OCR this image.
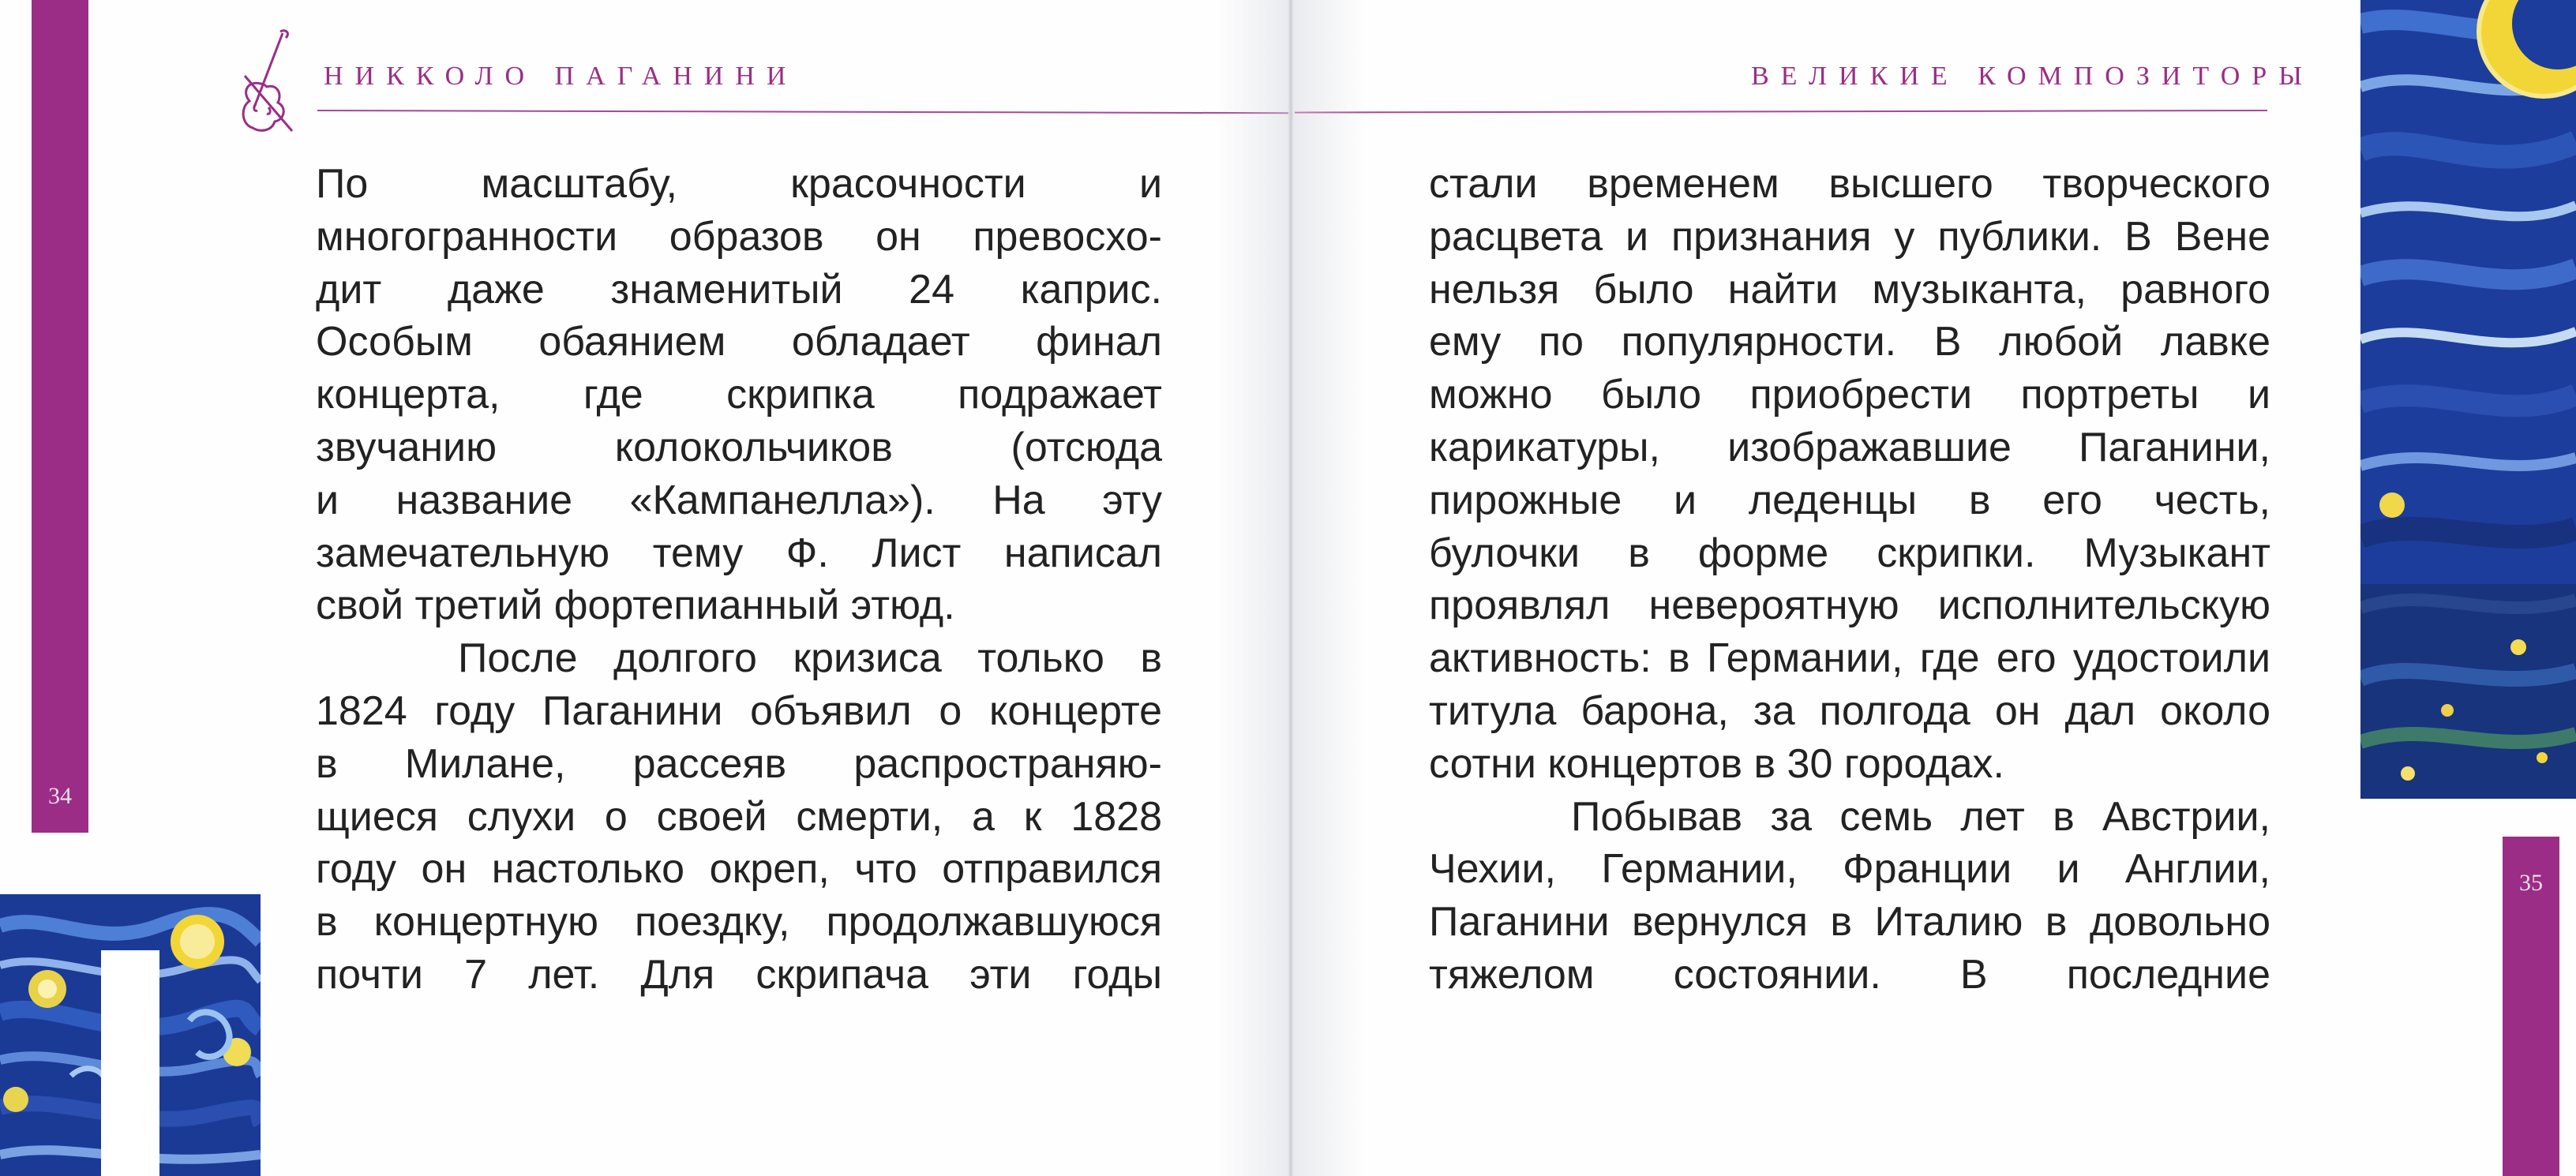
34
НИККОЛО ПАГАНИНИ
По масштабу, красочности и
многогранности образов он превосхо-
дит даже знаменитый 24 каприс.
Особым обаянием обладает финал
концерта, где скрипка подражает
звучанию колокольчиков (отсюда
и название «Кампанелла»). На эту
замечательную тему Ф. Лист написал
свой третий фортепианный этюд.
После долгого кризиса только в
1824 году Паганини объявил о концерте
в Милане, рассеяв распространяю-
щиеся слухи о своей смерти, а к 1828
году он настолько окреп, что отправился
в концертную поездку, продолжавшуюся
почти 7 лет. Для скрипача эти годы
35
ВЕЛИКИЕ КОМПОЗИТОРЫ
стали временем высшего творческого
расцвета и признания у публики. В Вене
нельзя было найти музыканта, равного
ему по популярности. В любой лавке
можно было приобрести портреты и
карикатуры, изображавшие Паганини,
пирожные и леденцы в его честь,
булочки в форме скрипки. Музыкант
проявлял невероятную исполнительскую
активность: в Германии, где его удостоили
титула барона, за полгода он дал около
сотни концертов в 30 городах.
Побывав за семь лет в Австрии,
Чехии, Германии, Франции и Англии,
Паганини вернулся в Италию в довольно
тяжелом состоянии. В последние
